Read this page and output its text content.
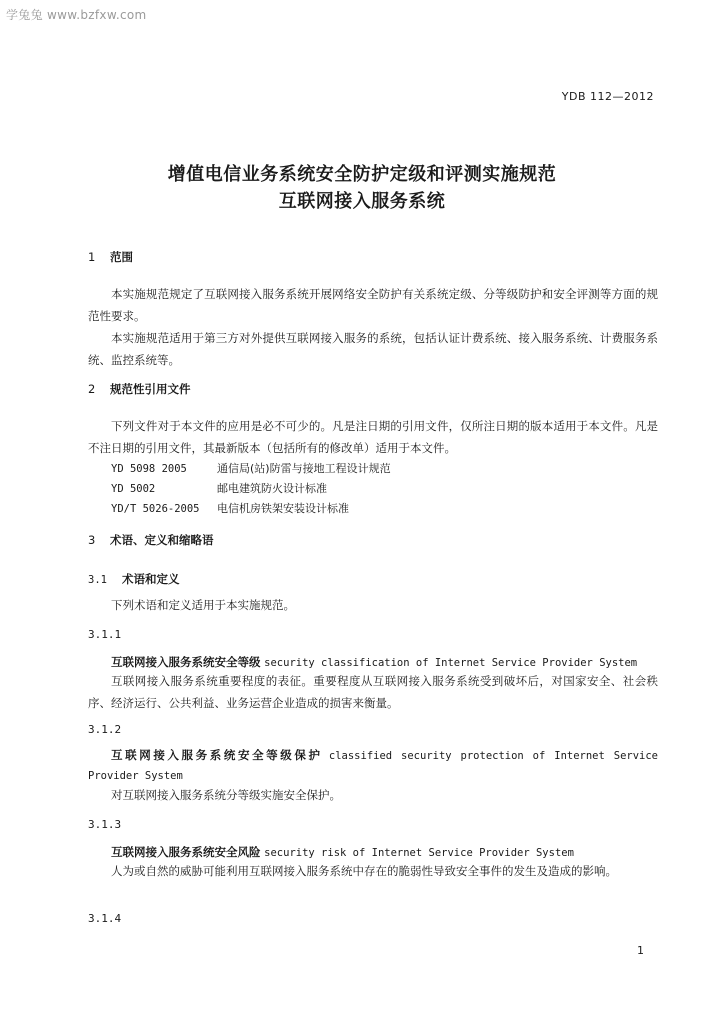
学兔兔 www.bzfxw.com
YDB 112—2012
增值电信业务系统安全防护定级和评测实施规范
互联网接入服务系统
1 范围
本实施规范规定了互联网接入服务系统开展网络安全防护有关系统定级、分等级防护和安全评测等方面的规范性要求。
本实施规范适用于第三方对外提供互联网接入服务的系统，包括认证计费系统、接入服务系统、计费服务系统、监控系统等。
2 规范性引用文件
下列文件对于本文件的应用是必不可少的。凡是注日期的引用文件，仅所注日期的版本适用于本文件。凡是不注日期的引用文件，其最新版本（包括所有的修改单）适用于本文件。
YD 5098 2005	通信局(站)防雷与接地工程设计规范
YD 5002	邮电建筑防火设计标准
YD/T 5026-2005 电信机房铁架安装设计标准
3 术语、定义和缩略语
3.1 术语和定义
下列术语和定义适用于本实施规范。
3.1.1
互联网接入服务系统安全等级 security classification of Internet Service Provider System
互联网接入服务系统重要程度的表征。重要程度从互联网接入服务系统受到破坏后，对国家安全、社会秩序、经济运行、公共利益、业务运营企业造成的损害来衡量。
3.1.2
互联网接入服务系统安全等级保护 classified security protection of Internet Service Provider System
对互联网接入服务系统分等级实施安全保护。
3.1.3
互联网接入服务系统安全风险 security risk of Internet Service Provider System
人为或自然的威胁可能利用互联网接入服务系统中存在的脆弱性导致安全事件的发生及造成的影响。
3.1.4
1
